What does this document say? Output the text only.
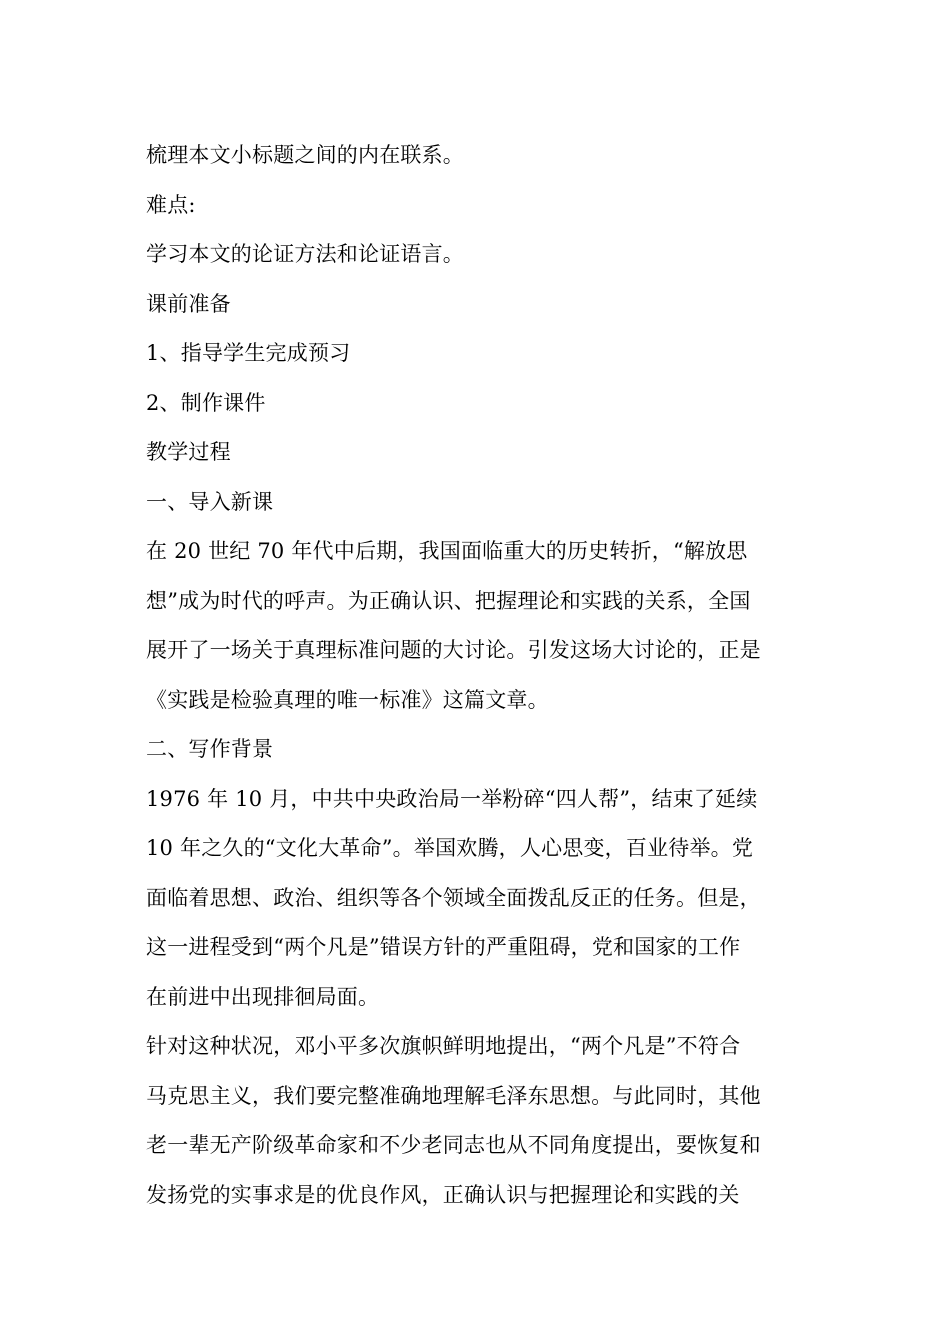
梳理本文小标题之间的内在联系。

难点:

学习本文的论证方法和论证语言。

课前准备

1、指导学生完成预习

2、制作课件

教学过程

一、导入新课

在 20 世纪 70 年代中后期，我国面临重大的历史转折，“解放思

想”成为时代的呼声。为正确认识、把握理论和实践的关系，全国

展开了一场关于真理标准问题的大讨论。引发这场大讨论的，正是

《实践是检验真理的唯一标准》这篇文章。

二、写作背景

1976 年 10 月，中共中央政治局一举粉碎“四人帮”，结束了延续

10 年之久的“文化大革命”。举国欢腾，人心思变，百业待举。党

面临着思想、政治、组织等各个领域全面拨乱反正的任务。但是，

这一进程受到“两个凡是”错误方针的严重阻碍，党和国家的工作

在前进中出现排徊局面。

针对这种状况，邓小平多次旗帜鲜明地提出，“两个凡是”不符合

马克思主义，我们要完整准确地理解毛泽东思想。与此同时，其他

老一辈无产阶级革命家和不少老同志也从不同角度提出，要恢复和

发扬党的实事求是的优良作风，正确认识与把握理论和实践的关
